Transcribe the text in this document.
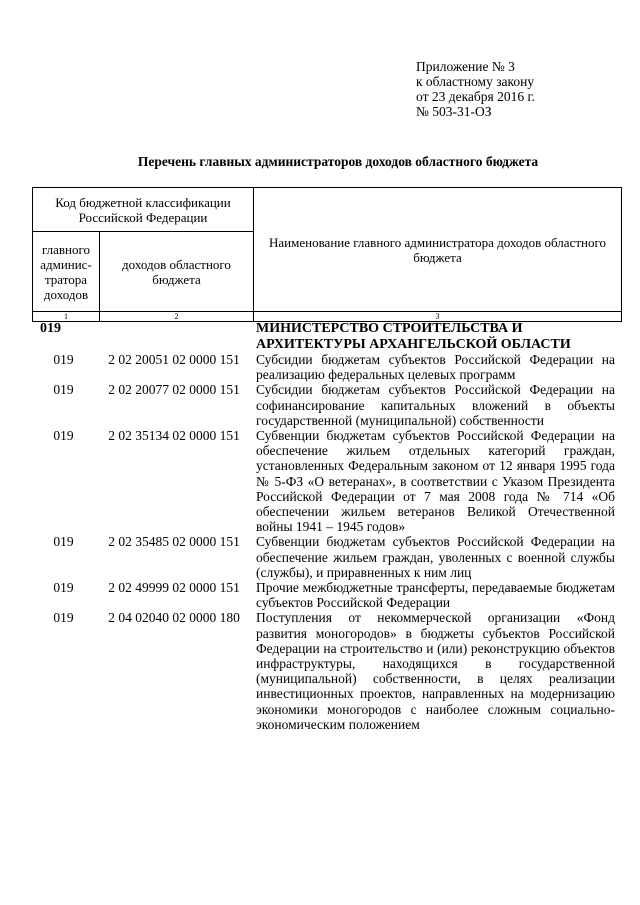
Приложение № 3
к областному закону
от 23 декабря 2016 г.
№ 503-31-ОЗ
Перечень главных администраторов доходов областного бюджета
Код бюджетной классификации Российской Федерации		Наименование главного администратора доходов областного бюджета
главного админис-тратора доходов	доходов областного бюджета	
1	2	3
019		МИНИСТЕРСТВО СТРОИТЕЛЬСТВА И АРХИТЕКТУРЫ АРХАНГЕЛЬСКОЙ ОБЛАСТИ
019	2 02 20051 02 0000 151	Субсидии бюджетам субъектов Российской Федерации на реализацию федеральных целевых программ
019	2 02 20077 02 0000 151	Субсидии бюджетам субъектов Российской Федерации на софинансирование капитальных вложений в объекты государственной (муниципальной) собственности
019	2 02 35134 02 0000 151	Субвенции бюджетам субъектов Российской Федерации на обеспечение жильем отдельных категорий граждан, установленных Федеральным законом от 12 января 1995 года № 5-ФЗ «О ветеранах», в соответствии с Указом Президента Российской Федерации от 7 мая 2008 года № 714 «Об обеспечении жильем ветеранов Великой Отечественной войны 1941 – 1945 годов»
019	2 02 35485 02 0000 151	Субвенции бюджетам субъектов Российской Федерации на обеспечение жильем граждан, уволенных с военной службы (службы), и приравненных к ним лиц
019	2 02 49999 02 0000 151	Прочие межбюджетные трансферты, передаваемые бюджетам субъектов Российской Федерации
019	2 04 02040 02 0000 180	Поступления от некоммерческой организации «Фонд развития моногородов» в бюджеты субъектов Российской Федерации на строительство и (или) реконструкцию объектов инфраструктуры, находящихся в государственной (муниципальной) собственности, в целях реализации инвестиционных проектов, направленных на модернизацию экономики моногородов с наиболее сложным социально-экономическим положением
